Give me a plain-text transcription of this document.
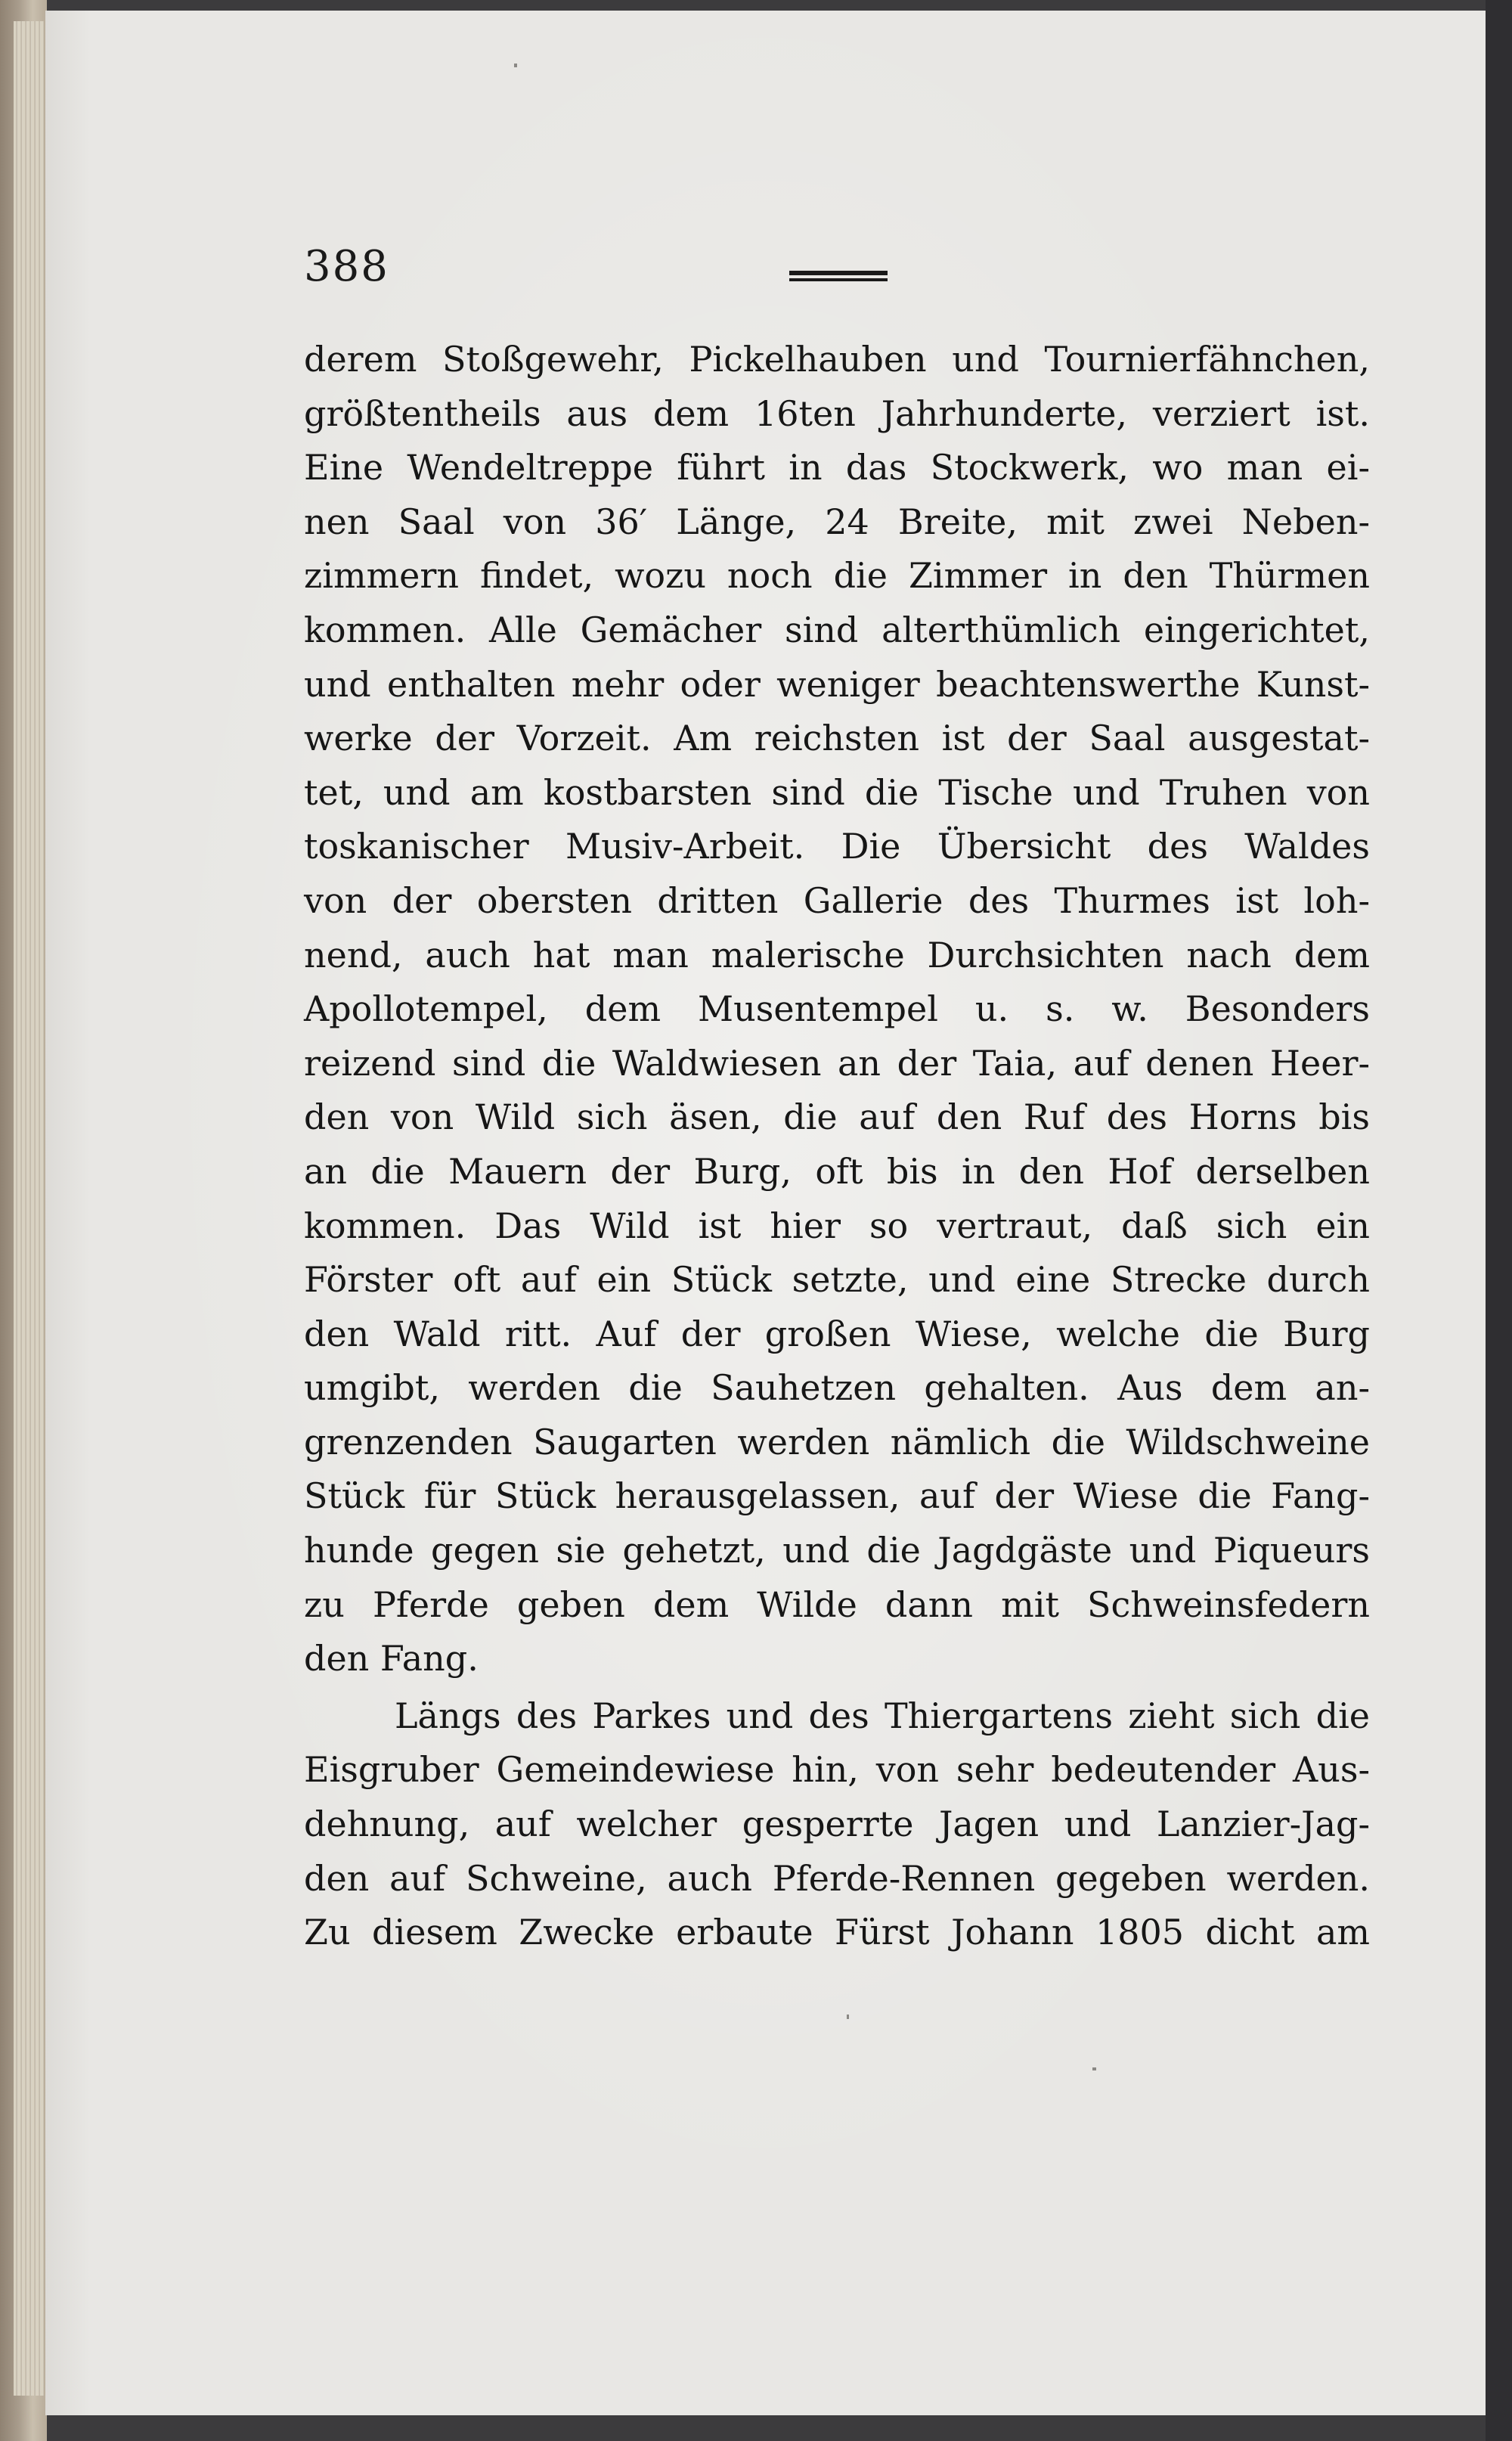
388
derem Stoßgewehr, Pickelhauben und Tournierfähnchen,
größtentheils aus dem 16ten Jahrhunderte, verziert ist.
Eine Wendeltreppe führt in das Stockwerk, wo man ei-
nen Saal von 36′ Länge, 24 Breite, mit zwei Neben-
zimmern findet, wozu noch die Zimmer in den Thürmen
kommen. Alle Gemächer sind alterthümlich eingerichtet,
und enthalten mehr oder weniger beachtenswerthe Kunst-
werke der Vorzeit. Am reichsten ist der Saal ausgestat-
tet, und am kostbarsten sind die Tische und Truhen von
toskanischer Musiv-Arbeit. Die Übersicht des Waldes
von der obersten dritten Gallerie des Thurmes ist loh-
nend, auch hat man malerische Durchsichten nach dem
Apollotempel, dem Musentempel u. s. w. Besonders
reizend sind die Waldwiesen an der Taia, auf denen Heer-
den von Wild sich äsen, die auf den Ruf des Horns bis
an die Mauern der Burg, oft bis in den Hof derselben
kommen. Das Wild ist hier so vertraut, daß sich ein
Förster oft auf ein Stück setzte, und eine Strecke durch
den Wald ritt. Auf der großen Wiese, welche die Burg
umgibt, werden die Sauhetzen gehalten. Aus dem an-
grenzenden Saugarten werden nämlich die Wildschweine
Stück für Stück herausgelassen, auf der Wiese die Fang-
hunde gegen sie gehetzt, und die Jagdgäste und Piqueurs
zu Pferde geben dem Wilde dann mit Schweinsfedern
den Fang.
Längs des Parkes und des Thiergartens zieht sich die
Eisgruber Gemeindewiese hin, von sehr bedeutender Aus-
dehnung, auf welcher gesperrte Jagen und Lanzier-Jag-
den auf Schweine, auch Pferde-Rennen gegeben werden.
Zu diesem Zwecke erbaute Fürst Johann 1805 dicht am
